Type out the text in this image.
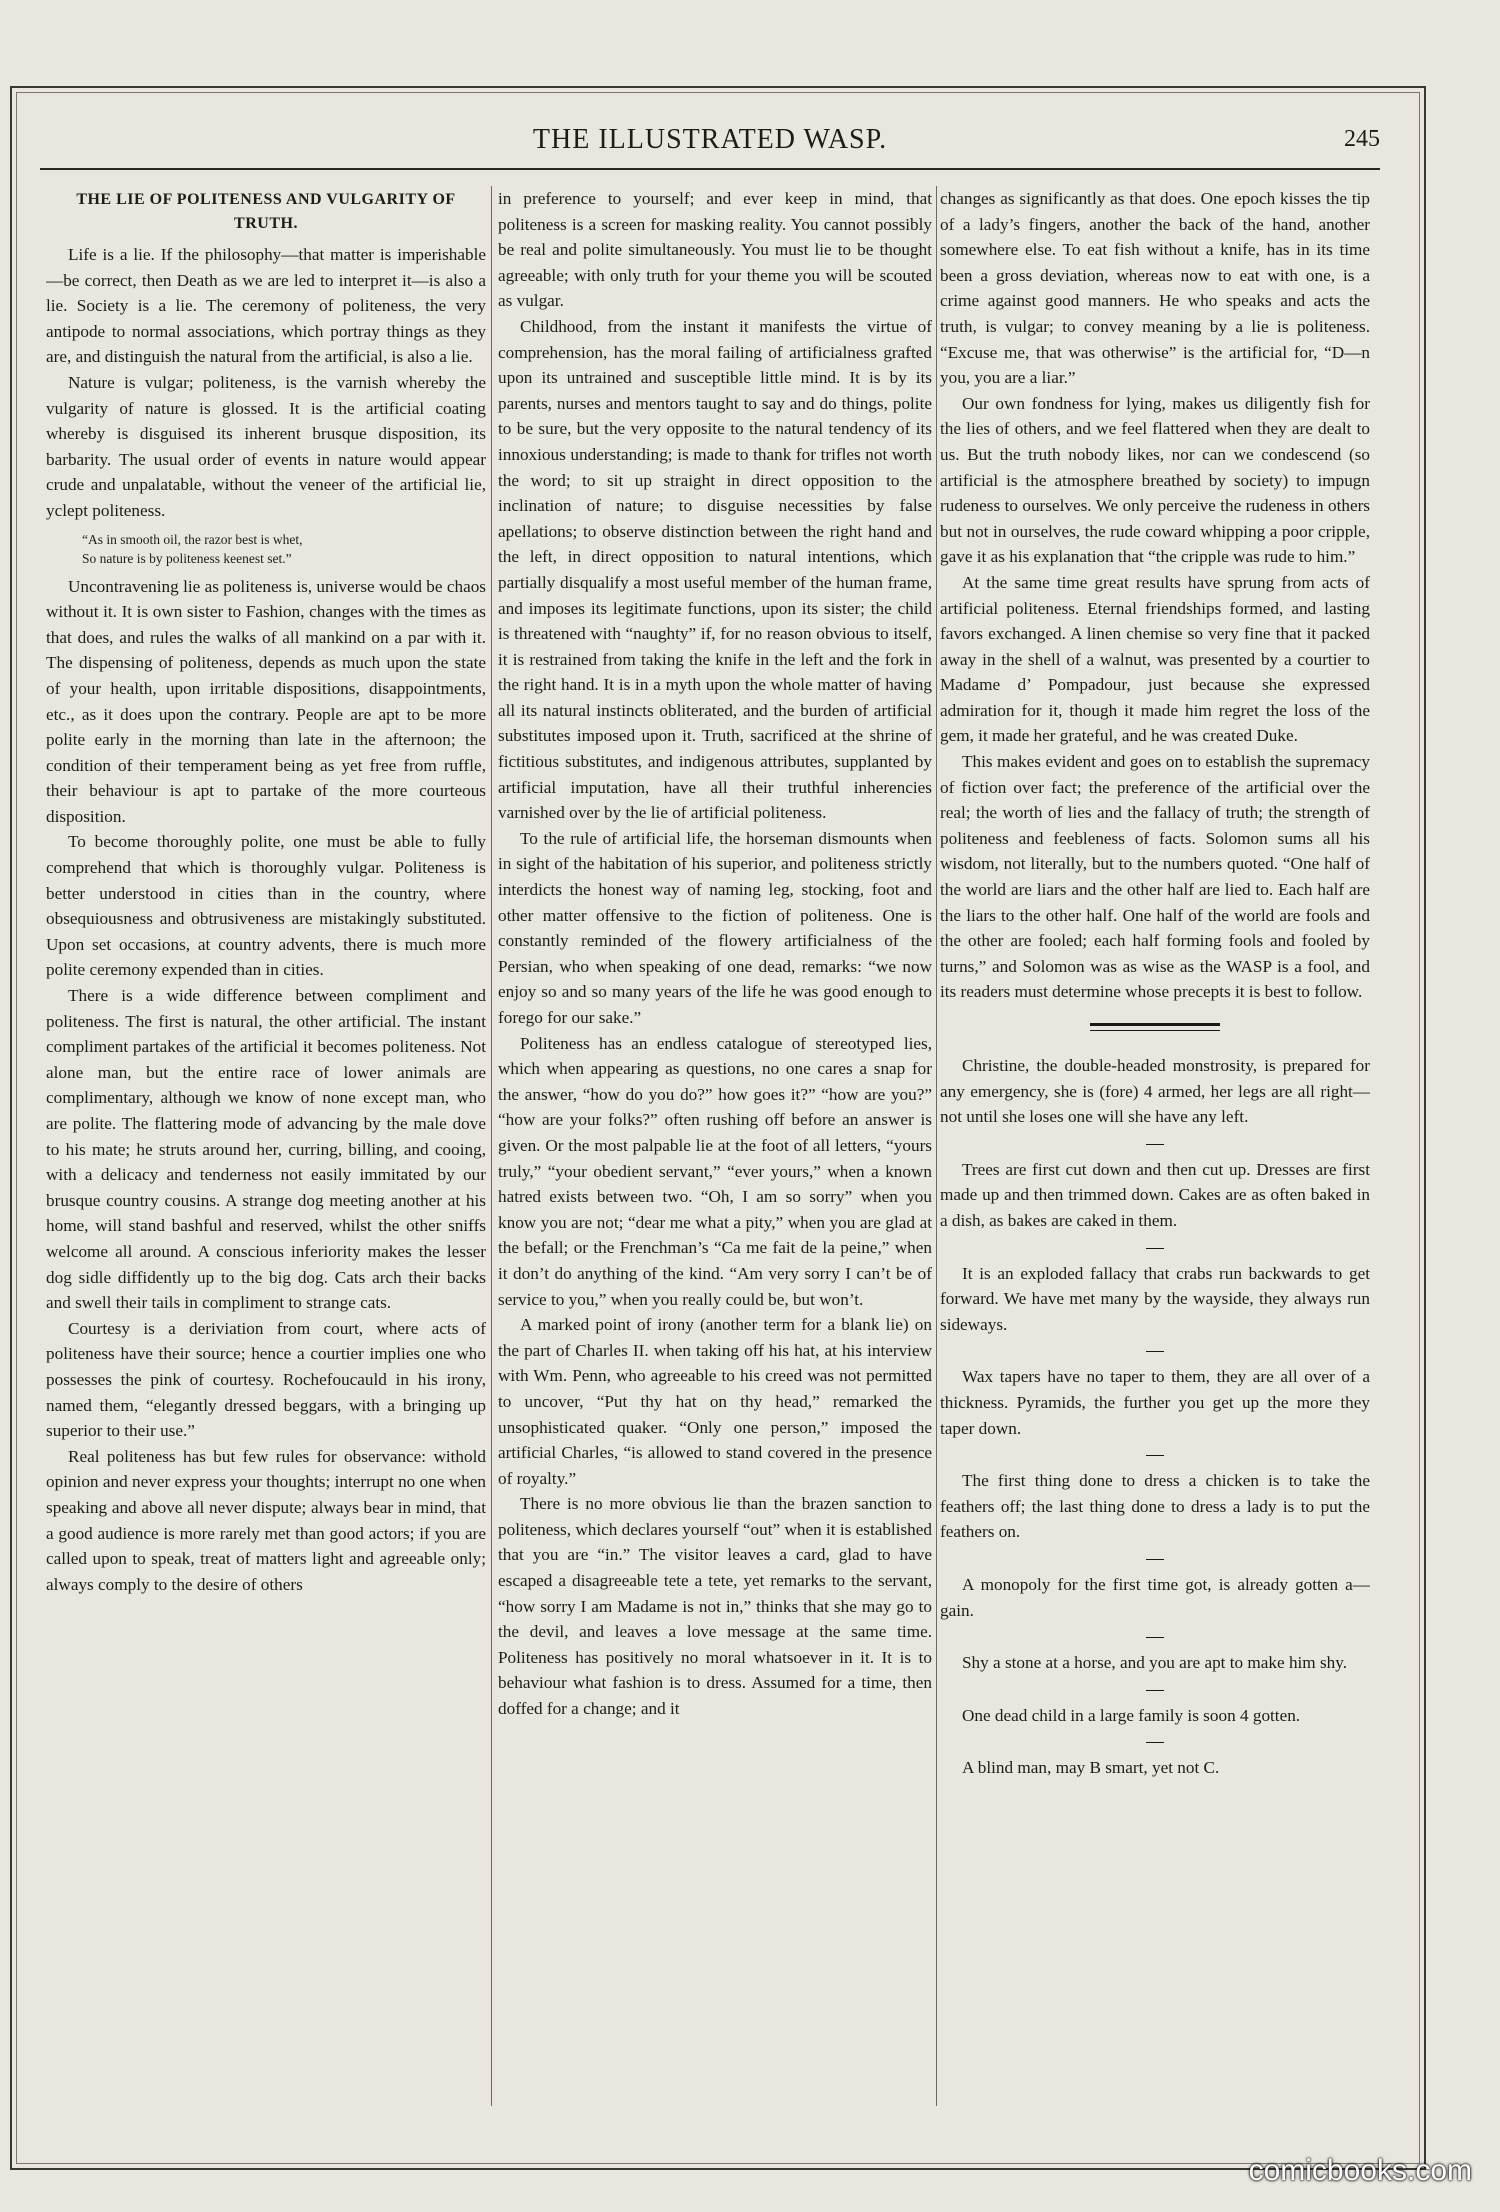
THE ILLUSTRATED WASP.	245
THE LIE OF POLITENESS AND VULGARITY OF TRUTH.

Life is a lie. If the philosophy—that matter is imperishable—be correct, then Death as we are led to interpret it—is also a lie. Society is a lie. The ceremony of politeness, the very antipode to normal associations, which portray things as they are, and distinguish the natural from the artificial, is also a lie.

Nature is vulgar; politeness, is the varnish whereby the vulgarity of nature is glossed. It is the artificial coating whereby is disguised its inherent brusque disposition, its barbarity. The usual order of events in nature would appear crude and unpalatable, without the veneer of the artificial lie, yclept politeness.

“As in smooth oil, the razor best is whet,
So nature is by politeness keenest set.”

Uncontravening lie as politeness is, universe would be chaos without it. It is own sister to Fashion, changes with the times as that does, and rules the walks of all mankind on a par with it. The dispensing of politeness, depends as much upon the state of your health, upon irritable dispositions, disappointments, etc., as it does upon the contrary. People are apt to be more polite early in the morning than late in the afternoon; the condition of their temperament being as yet free from ruffle, their behaviour is apt to partake of the more courteous disposition.

To become thoroughly polite, one must be able to fully comprehend that which is thoroughly vulgar. Politeness is better understood in cities than in the country, where obsequiousness and obtrusiveness are mistakingly substituted. Upon set occasions, at country advents, there is much more polite ceremony expended than in cities.

There is a wide difference between compliment and politeness. The first is natural, the other artificial. The instant compliment partakes of the artificial it becomes politeness. Not alone man, but the entire race of lower animals are complimentary, although we know of none except man, who are polite. The flattering mode of advancing by the male dove to his mate; he struts around her, curring, billing, and cooing, with a delicacy and tenderness not easily immitated by our brusque country cousins. A strange dog meeting another at his home, will stand bashful and reserved, whilst the other sniffs welcome all around. A conscious inferiority makes the lesser dog sidle diffidently up to the big dog. Cats arch their backs and swell their tails in compliment to strange cats.

Courtesy is a deriviation from court, where acts of politeness have their source; hence a courtier implies one who possesses the pink of courtesy. Rochefoucauld in his irony, named them, “elegantly dressed beggars, with a bringing up superior to their use.”

Real politeness has but few rules for observance: withold opinion and never express your thoughts; interrupt no one when speaking and above all never dispute; always bear in mind, that a good audience is more rarely met than good actors; if you are called upon to speak, treat of matters light and agreeable only; always comply to the desire of others

in preference to yourself; and ever keep in mind, that politeness is a screen for masking reality. You cannot possibly be real and polite simultaneously. You must lie to be thought agreeable; with only truth for your theme you will be scouted as vulgar.

Childhood, from the instant it manifests the virtue of comprehension, has the moral failing of artificialness grafted upon its untrained and susceptible little mind. It is by its parents, nurses and mentors taught to say and do things, polite to be sure, but the very opposite to the natural tendency of its innoxious understanding; is made to thank for trifles not worth the word; to sit up straight in direct opposition to the inclination of nature; to disguise necessities by false apellations; to observe distinction between the right hand and the left, in direct opposition to natural intentions, which partially disqualify a most useful member of the human frame, and imposes its legitimate functions, upon its sister; the child is threatened with “naughty” if, for no reason obvious to itself, it is restrained from taking the knife in the left and the fork in the right hand. It is in a myth upon the whole matter of having all its natural instincts obliterated, and the burden of artificial substitutes imposed upon it. Truth, sacrificed at the shrine of fictitious substitutes, and indigenous attributes, supplanted by artificial imputation, have all their truthful inherencies varnished over by the lie of artificial politeness.

To the rule of artificial life, the horseman dismounts when in sight of the habitation of his superior, and politeness strictly interdicts the honest way of naming leg, stocking, foot and other matter offensive to the fiction of politeness. One is constantly reminded of the flowery artificialness of the Persian, who when speaking of one dead, remarks: “we now enjoy so and so many years of the life he was good enough to forego for our sake.”

Politeness has an endless catalogue of stereotyped lies, which when appearing as questions, no one cares a snap for the answer, “how do you do?” how goes it?” “how are you?” “how are your folks?” often rushing off before an answer is given. Or the most palpable lie at the foot of all letters, “yours truly,” “your obedient servant,” “ever yours,” when a known hatred exists between two. “Oh, I am so sorry” when you know you are not; “dear me what a pity,” when you are glad at the befall; or the Frenchman’s “Ca me fait de la peine,” when it don’t do anything of the kind. “Am very sorry I can’t be of service to you,” when you really could be, but won’t.

A marked point of irony (another term for a blank lie) on the part of Charles II. when taking off his hat, at his interview with Wm. Penn, who agreeable to his creed was not permitted to uncover, “Put thy hat on thy head,” remarked the unsophisticated quaker. “Only one person,” imposed the artificial Charles, “is allowed to stand covered in the presence of royalty.”

There is no more obvious lie than the brazen sanction to politeness, which declares yourself “out” when it is established that you are “in.” The visitor leaves a card, glad to have escaped a disagreeable tete a tete, yet remarks to the servant, “how sorry I am Madame is not in,” thinks that she may go to the devil, and leaves a love message at the same time. Politeness has positively no moral whatsoever in it. It is to behaviour what fashion is to dress. Assumed for a time, then doffed for a change; and it

changes as significantly as that does. One epoch kisses the tip of a lady’s fingers, another the back of the hand, another somewhere else. To eat fish without a knife, has in its time been a gross deviation, whereas now to eat with one, is a crime against good manners. He who speaks and acts the truth, is vulgar; to convey meaning by a lie is politeness. “Excuse me, that was otherwise” is the artificial for, “D—n you, you are a liar.”

Our own fondness for lying, makes us diligently fish for the lies of others, and we feel flattered when they are dealt to us. But the truth nobody likes, nor can we condescend (so artificial is the atmosphere breathed by society) to impugn rudeness to ourselves. We only perceive the rudeness in others but not in ourselves, the rude coward whipping a poor cripple, gave it as his explanation that “the cripple was rude to him.”

At the same time great results have sprung from acts of artificial politeness. Eternal friendships formed, and lasting favors exchanged. A linen chemise so very fine that it packed away in the shell of a walnut, was presented by a courtier to Madame d’ Pompadour, just because she expressed admiration for it, though it made him regret the loss of the gem, it made her grateful, and he was created Duke.

This makes evident and goes on to establish the supremacy of fiction over fact; the preference of the artificial over the real; the worth of lies and the fallacy of truth; the strength of politeness and feebleness of facts. Solomon sums all his wisdom, not literally, but to the numbers quoted. “One half of the world are liars and the other half are lied to. Each half are the liars to the other half. One half of the world are fools and the other are fooled; each half forming fools and fooled by turns,” and Solomon was as wise as the WASP is a fool, and its readers must determine whose precepts it is best to follow.

Christine, the double-headed monstrosity, is prepared for any emergency, she is (fore) 4 armed, her legs are all right—not until she loses one will she have any left.

Trees are first cut down and then cut up. Dresses are first made up and then trimmed down. Cakes are as often baked in a dish, as bakes are caked in them.

It is an exploded fallacy that crabs run backwards to get forward. We have met many by the wayside, they always run sideways.

Wax tapers have no taper to them, they are all over of a thickness. Pyramids, the further you get up the more they taper down.

The first thing done to dress a chicken is to take the feathers off; the last thing done to dress a lady is to put the feathers on.

A monopoly for the first time got, is already gotten a—gain.

Shy a stone at a horse, and you are apt to make him shy.

One dead child in a large family is soon 4 gotten.

A blind man, may B smart, yet not C.

comicbooks.com
